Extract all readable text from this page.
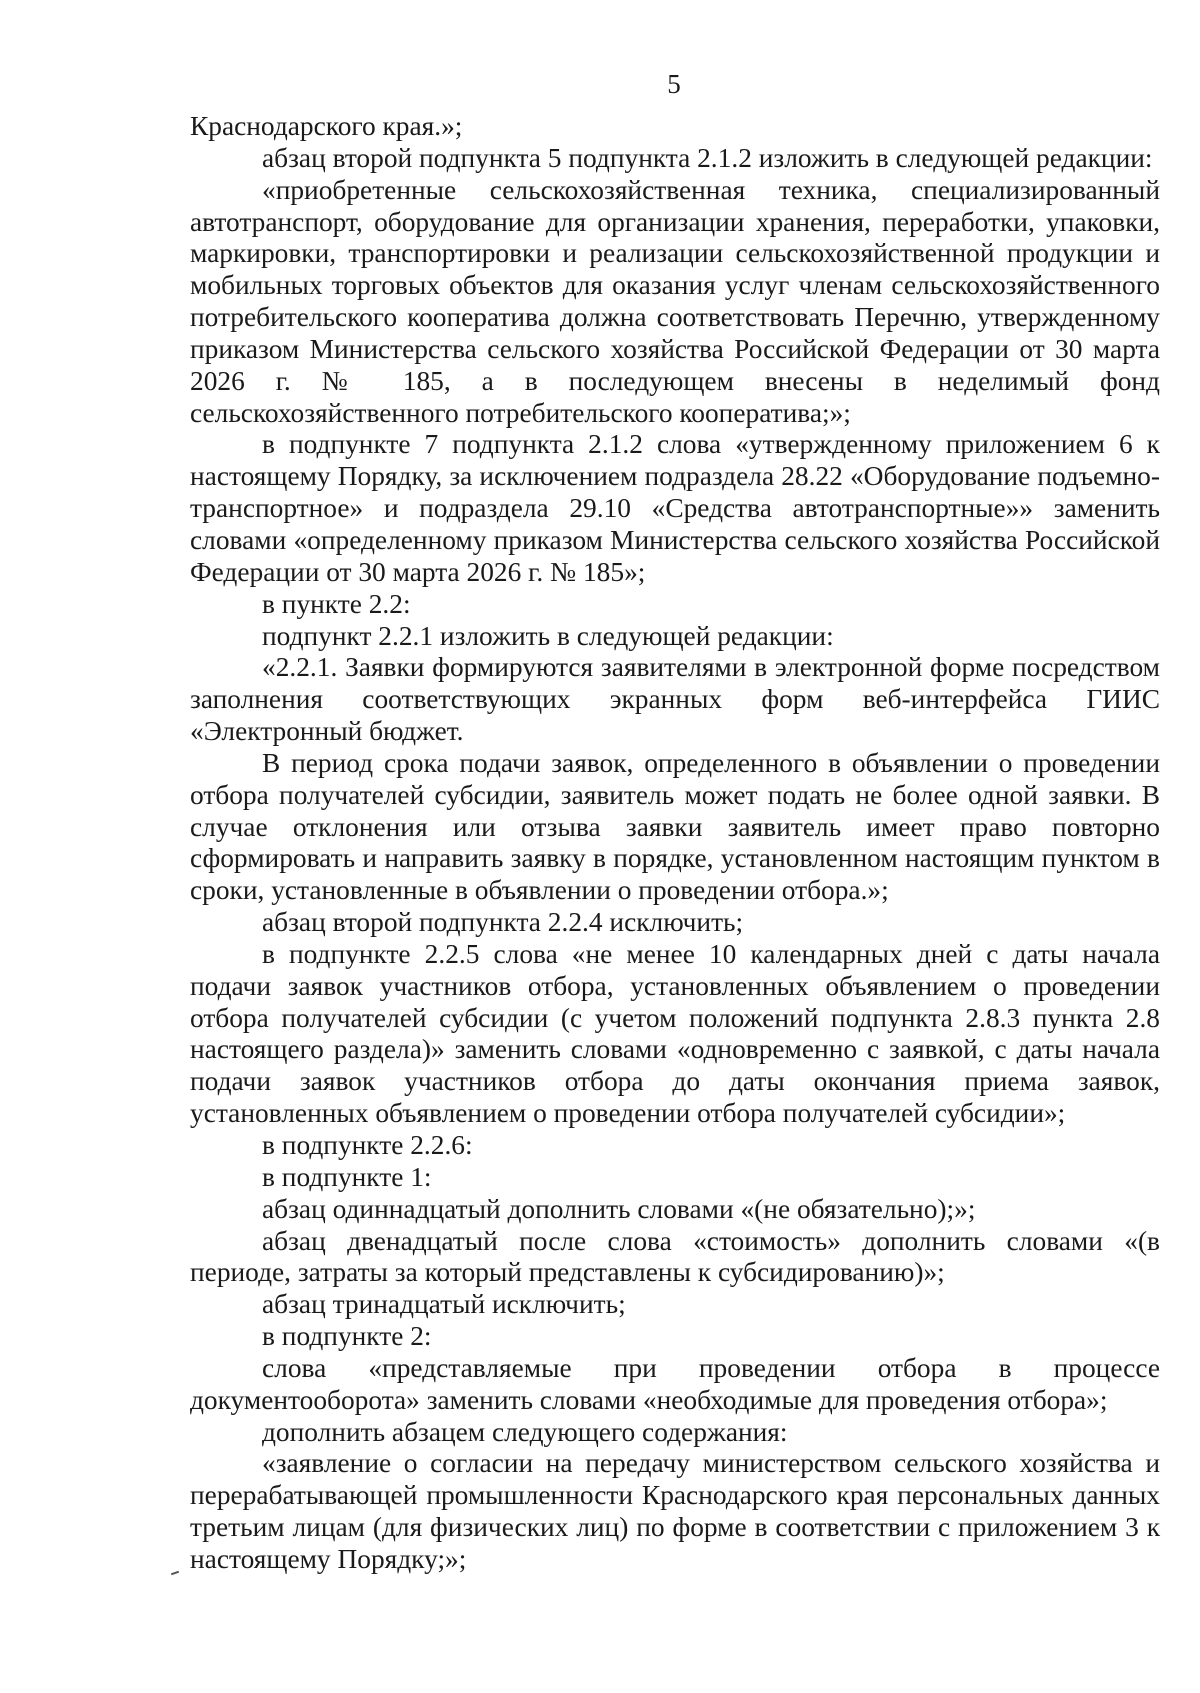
5

Краснодарского края.»;

абзац второй подпункта 5 подпункта 2.1.2 изложить в следующей редакции:

«приобретенные сельскохозяйственная техника, специализированный автотранспорт, оборудование для организации хранения, переработки, упаковки, маркировки, транспортировки и реализации сельскохозяйственной продукции и мобильных торговых объектов для оказания услуг членам сельскохозяйственного потребительского кооператива должна соответствовать Перечню, утвержденному приказом Министерства сельского хозяйства Российской Федерации от 30 марта 2026 г. № 185, а в последующем внесены в неделимый фонд сельскохозяйственного потребительского кооператива;»;

в подпункте 7 подпункта 2.1.2 слова «утвержденному приложением 6 к настоящему Порядку, за исключением подраздела 28.22 «Оборудование подъемно-транспортное» и подраздела 29.10 «Средства автотранспортные»» заменить словами «определенному приказом Министерства сельского хозяйства Российской Федерации от 30 марта 2026 г. № 185»;

в пункте 2.2:

подпункт 2.2.1 изложить в следующей редакции:

«2.2.1. Заявки формируются заявителями в электронной форме посредством заполнения соответствующих экранных форм веб-интерфейса ГИИС «Электронный бюджет.

В период срока подачи заявок, определенного в объявлении о проведении отбора получателей субсидии, заявитель может подать не более одной заявки. В случае отклонения или отзыва заявки заявитель имеет право повторно сформировать и направить заявку в порядке, установленном настоящим пунктом в сроки, установленные в объявлении о проведении отбора.»;

абзац второй подпункта 2.2.4 исключить;

в подпункте 2.2.5 слова «не менее 10 календарных дней с даты начала подачи заявок участников отбора, установленных объявлением о проведении отбора получателей субсидии (с учетом положений подпункта 2.8.3 пункта 2.8 настоящего раздела)» заменить словами «одновременно с заявкой, с даты начала подачи заявок участников отбора до даты окончания приема заявок, установленных объявлением о проведении отбора получателей субсидии»;

в подпункте 2.2.6:

в подпункте 1:

абзац одиннадцатый дополнить словами «(не обязательно);»;

абзац двенадцатый после слова «стоимость» дополнить словами «(в периоде, затраты за который представлены к субсидированию)»;

абзац тринадцатый исключить;

в подпункте 2:

слова «представляемые при проведении отбора в процессе документооборота» заменить словами «необходимые для проведения отбора»;

дополнить абзацем следующего содержания:

«заявление о согласии на передачу министерством сельского хозяйства и перерабатывающей промышленности Краснодарского края персональных данных третьим лицам (для физических лиц) по форме в соответствии с приложением 3 к настоящему Порядку;»;
